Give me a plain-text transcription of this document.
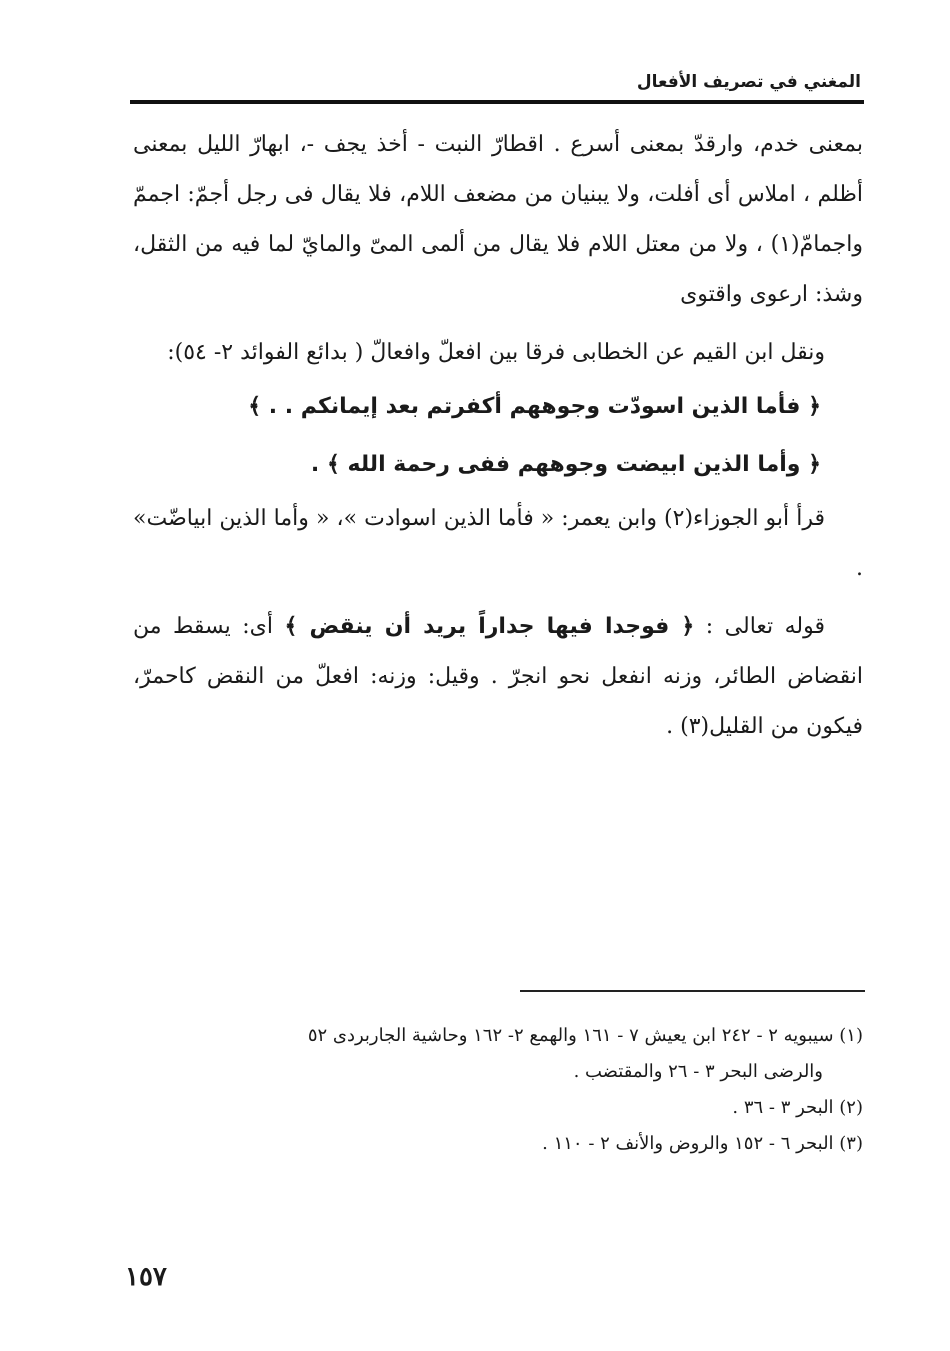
المغني في تصريف الأفعال

بمعنى خدم، وارقدّ بمعنى أسرع . اقطارّ النبت - أخذ يجف -، ابهارّ الليل بمعنى أظلم ، املاس أى أفلت، ولا يبنيان من مضعف اللام، فلا يقال فى رجل أجمّ: اجممّ واجمامّ(١) ، ولا من معتل اللام فلا يقال من ألمى المىّ والمايّ لما فيه من الثقل، وشذ: ارعوى واقتوى

ونقل ابن القيم عن الخطابى فرقا بين افعلّ وافعالّ ( بدائع الفوائد ٢- ٥٤):

﴿ فأما الذين اسودّت وجوههم أكفرتم بعد إيمانكم . . ﴾

﴿ وأما الذين ابيضت وجوههم ففى رحمة الله ﴾ .

قرأ أبو الجوزاء(٢) وابن يعمر: « فأما الذين اسوادت »، « وأما الذين ابياضّت» .

قوله تعالى : ﴿ فوجدا فيها جداراً يريد أن ينقض ﴾ أى: يسقط من انقضاض الطائر، وزنه انفعل نحو انجرّ . وقيل: وزنه: افعلّ من النقض كاحمرّ، فيكون من القليل(٣) .

(١) سيبويه ٢ - ٢٤٢ ابن يعيش ٧ - ١٦١ والهمع ٢- ١٦٢ وحاشية الجاربردى ٥٢

والرضى البحر ٣ - ٢٦ والمقتضب .

(٢) البحر ٣ - ٣٦ .

(٣) البحر ٦ - ١٥٢ والروض والأنف ٢ - ١١٠ .

١٥٧
